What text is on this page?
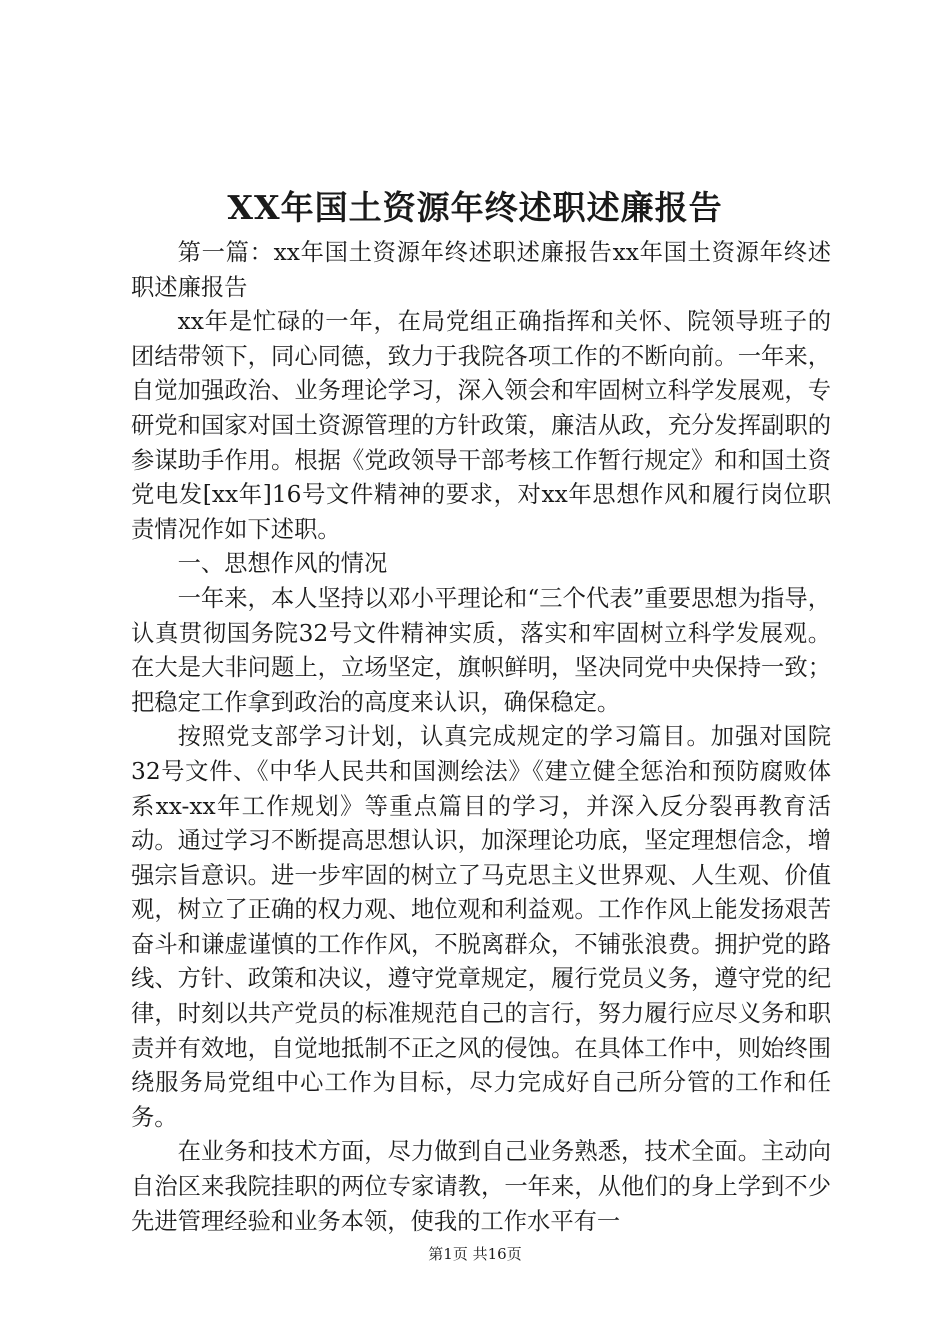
XX年国土资源年终述职述廉报告

第一篇：xx年国土资源年终述职述廉报告xx年国土资源年终述职述廉报告

xx年是忙碌的一年，在局党组正确指挥和关怀、院领导班子的团结带领下，同心同德，致力于我院各项工作的不断向前。一年来，自觉加强政治、业务理论学习，深入领会和牢固树立科学发展观，专研党和国家对国土资源管理的方针政策，廉洁从政，充分发挥副职的参谋助手作用。根据《党政领导干部考核工作暂行规定》和和国土资党电发[xx年]16号文件精神的要求，对xx年思想作风和履行岗位职责情况作如下述职。

一、思想作风的情况

一年来，本人坚持以邓小平理论和“三个代表”重要思想为指导，认真贯彻国务院32号文件精神实质，落实和牢固树立科学发展观。在大是大非问题上，立场坚定，旗帜鲜明，坚决同党中央保持一致；把稳定工作拿到政治的高度来认识，确保稳定。

按照党支部学习计划，认真完成规定的学习篇目。加强对国院32号文件、《中华人民共和国测绘法》《建立健全惩治和预防腐败体系xx-xx年工作规划》等重点篇目的学习，并深入反分裂再教育活动。通过学习不断提高思想认识，加深理论功底，坚定理想信念，增强宗旨意识。进一步牢固的树立了马克思主义世界观、人生观、价值观，树立了正确的权力观、地位观和利益观。工作作风上能发扬艰苦奋斗和谦虚谨慎的工作作风，不脱离群众，不铺张浪费。拥护党的路线、方针、政策和决议，遵守党章规定，履行党员义务，遵守党的纪律，时刻以共产党员的标准规范自己的言行，努力履行应尽义务和职责并有效地，自觉地抵制不正之风的侵蚀。在具体工作中，则始终围绕服务局党组中心工作为目标，尽力完成好自己所分管的工作和任务。

在业务和技术方面，尽力做到自己业务熟悉，技术全面。主动向自治区来我院挂职的两位专家请教，一年来，从他们的身上学到不少先进管理经验和业务本领，使我的工作水平有一

第1页 共16页
